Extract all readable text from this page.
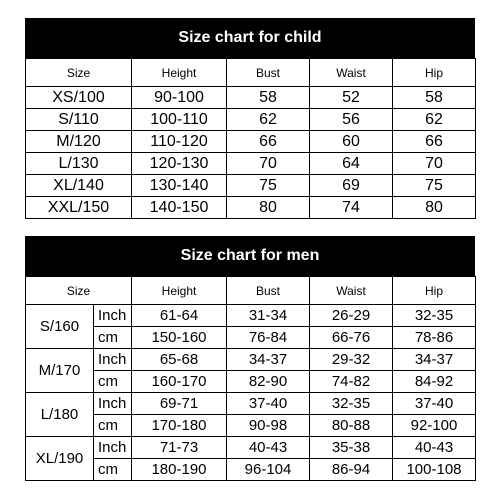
Size chart for child
Size	Height	Bust	Waist	Hip
XS/100	90-100	58	52	58
S/110	100-110	62	56	62
M/120	110-120	66	60	66
L/130	120-130	70	64	70
XL/140	130-140	75	69	75
XXL/150	140-150	80	74	80
Size chart for men
Size		Height	Bust	Waist	Hip
S/160	Inch	61-64	31-34	26-29	32-35
	cm	150-160	76-84	66-76	78-86
M/170	Inch	65-68	34-37	29-32	34-37
	cm	160-170	82-90	74-82	84-92
L/180	Inch	69-71	37-40	32-35	37-40
	cm	170-180	90-98	80-88	92-100
XL/190	Inch	71-73	40-43	35-38	40-43
	cm	180-190	96-104	86-94	100-108
